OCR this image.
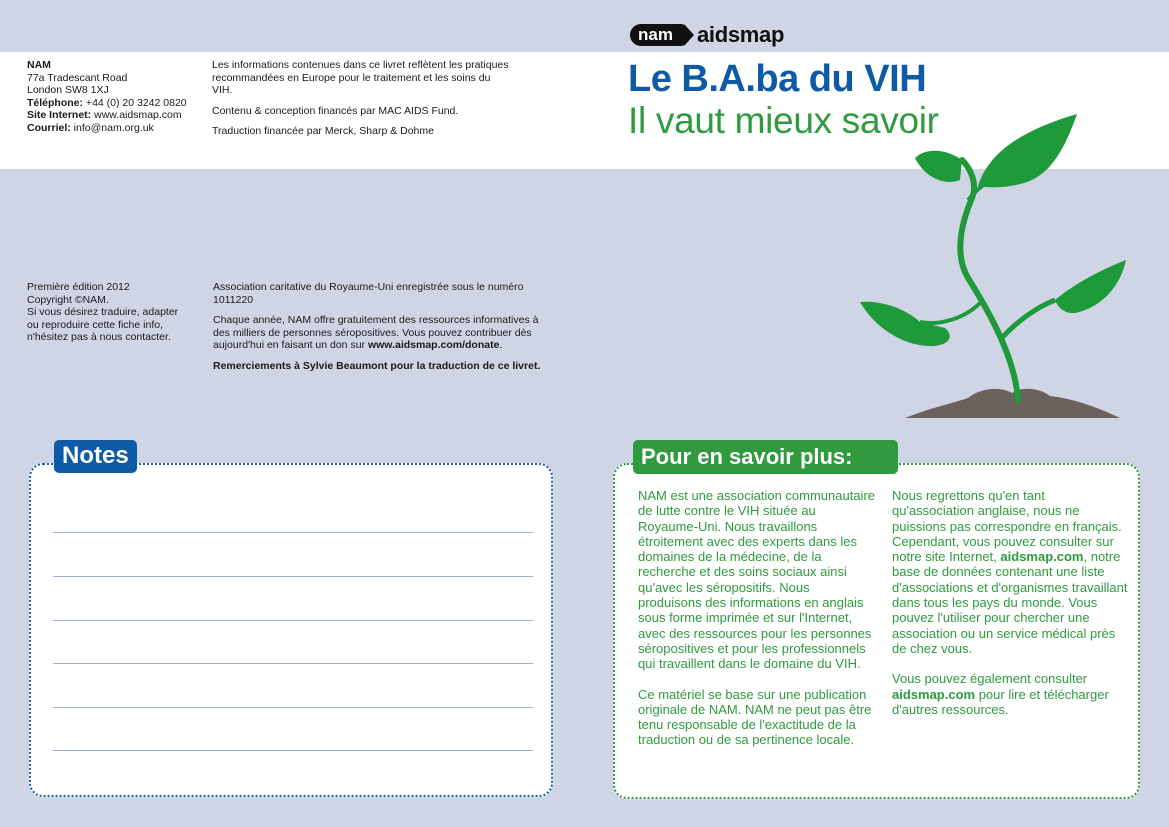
nam	aidsmap
Le B.A.ba du VIH
Il vaut mieux savoir
NAM
77a Tradescant Road
London SW8 1XJ
Téléphone: +44 (0) 20 3242 0820
Site Internet: www.aidsmap.com
Courriel: info@nam.org.uk

Les informations contenues dans ce livret reflètent les pratiques recommandées en Europe pour le traitement et les soins du VIH.

Contenu & conception financés par MAC AIDS Fund.

Traduction financée par Merck, Sharp & Dohme

Première édition 2012
Copyright ©NAM.
Si vous désirez traduire, adapter
ou reproduire cette fiche info,
n'hésitez pas à nous contacter.

Association caritative du Royaume-Uni enregistrée sous le numéro 1011220

Chaque année, NAM offre gratuitement des ressources informatives à des milliers de personnes séropositives. Vous pouvez contribuer dès aujourd'hui en faisant un don sur www.aidsmap.com/donate.

Remerciements à Sylvie Beaumont pour la traduction de ce livret.

Notes	Pour en savoir plus:

NAM est une association communautaire de lutte contre le VIH située au Royaume-Uni. Nous travaillons étroitement avec des experts dans les domaines de la médecine, de la recherche et des soins sociaux ainsi qu'avec les séropositifs. Nous produisons des informations en anglais sous forme imprimée et sur l'Internet, avec des ressources pour les personnes séropositives et pour les professionnels qui travaillent dans le domaine du VIH.

Ce matériel se base sur une publication originale de NAM. NAM ne peut pas être tenu responsable de l'exactitude de la traduction ou de sa pertinence locale.

Nous regrettons qu'en tant qu'association anglaise, nous ne puissions pas correspondre en français. Cependant, vous pouvez consulter sur notre site Internet, aidsmap.com, notre base de données contenant une liste d'associations et d'organismes travaillant dans tous les pays du monde. Vous pouvez l'utiliser pour chercher une association ou un service médical près de chez vous.

Vous pouvez également consulter
aidsmap.com pour lire et télécharger d'autres ressources.
